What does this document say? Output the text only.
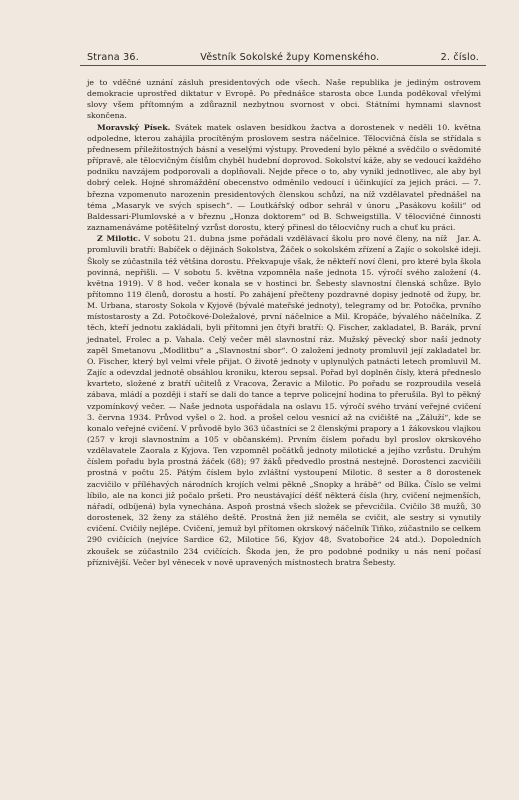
Strana 36.	Věstník Sokolské župy Komenského.	2. číslo.

je to vděčné uznání zásluh presidentových ode všech. Naše republika je jediným ostrovem demokracie uprostřed diktatur v Evropě. Po přednášce starosta obce Lunda poděkoval vřelými slovy všem přítomným a zdůraznil nezbytnou svornost v obci. Státními hymnami slavnost skončena.

Moravský Písek. Svátek matek oslaven besídkou žactva a dorostenek v neděli 10. května odpoledne, kterou zahájila procítěným proslovem sestra náčelnice. Tělocvičná čísla se střídala s přednesem příležitostných básní a veselými výstupy. Provedení bylo pěkné a svědčilo o svědomité přípravě, ale tělocvičným číslům chyběl hudební doprovod. Sokolství káže, aby se vedoucí každého podniku navzájem podporovali a doplňovali. Nejde přece o to, aby vynikl jednotlivec, ale aby byl dobrý celek. Hojné shromáždění obecenstvo odměnilo vedoucí i účinkující za jejich práci. — 7. března vzpomenuto narozenin presidentových členskou schůzí, na níž vzdělavatel přednášel na téma „Masaryk ve svých spisech“. — Loutkářský odbor sehrál v únoru „Pasákovu košili“ od Baldessari-Plumlovské a v březnu „Honza doktorem“ od B. Schweigstilla. V tělocvičné činnosti zaznamenáváme potěšitelný vzrůst dorostu, který přinesl do tělocvičny ruch a chuť ku práci.
Jar. A.

Z Milotic. V sobotu 21. dubna jsme pořádali vzdělávací školu pro nové členy, na níž promluvili bratří: Babíček o dějinách Sokolstva, Žáček o sokolském zřízení a Zajíc o sokolské ideji. Školy se zúčastnila též většina dorostu. Překvapuje však, že někteří noví členi, pro které byla škola povinná, nepřišli. — V sobotu 5. května vzpomněla naše jednota 15. výročí svého založení (4. května 1919). V 8 hod. večer konala se v hostinci br. Šebesty slavnostní členská schůze. Bylo přítomno 119 členů, dorostu a hostí. Po zahájení přečteny pozdravné dopisy jednotě od župy, br. M. Urbana, starosty Sokola v Kyjově (bývalé mateřské jednoty), telegramy od br. Potočka, prvního místostarosty a Zd. Potočkové-Doležalové, první náčelnice a Mil. Kropáče, bývalého náčelníka. Z těch, kteří jednotu zakládali, byli přítomni jen čtyři bratří: Q. Fischer, zakladatel, B. Barák, první jednatel, Frolec a p. Vahala. Celý večer měl slavnostní ráz. Mužský pěvecký sbor naší jednoty zapěl Smetanovu „Modlitbu“ a „Slavnostní sbor“. O založení jednoty promluvil její zakladatel br. O. Fischer, který byl velmi vřele přijat. O životě jednoty v uplynulých patnácti letech promluvil M. Zajíc a odevzdal jednotě obsáhlou kroniku, kterou sepsal. Pořad byl doplněn čísly, která předneslo kvarteto, složené z bratří učitelů z Vracova, Žeravic a Milotic. Po pořadu se rozproudila veselá zábava, mládí a později i staří se dali do tance a teprve policejní hodina to přerušila. Byl to pěkný vzpomínkový večer. — Naše jednota uspořádala na oslavu 15. výročí svého trvání veřejné cvičení 3. června 1934. Průvod vyšel o 2. hod. a prošel celou vesnicí až na cvičiště na „Záluží“, kde se konalo veřejné cvičení. V průvodě bylo 363 účastníci se 2 členskými prapory a 1 žákovskou vlajkou (257 v kroji slavnostním a 105 v občanském). Prvním číslem pořadu byl proslov okrskového vzdělavatele Zaorala z Kyjova. Ten vzpomněl počátků jednoty milotické a jejího vzrůstu. Druhým číslem pořadu byla prostná žáček (68); 97 žáků předvedlo prostná nestejně. Dorostenci zacvičili prostná v počtu 25. Pátým číslem bylo zvláštní vystoupení Milotic. 8 sester a 8 dorostenek zacvičilo v příléhavých národních krojích velmi pěkně „Snopky a hrábě“ od Bílka. Číslo se velmi líbilo, ale na konci již počalo pršeti. Pro neustávající déšť některá čísla (hry, cvičení nejmenších, nářadí, odbíjená) byla vynechána. Aspoň prostná všech složek se převcičila. Cvičilo 38 mužů, 30 dorostenek, 32 ženy za stálého deště. Prostná žen již neměla se cvičit, ale sestry si vynutily cvičení. Cvičily nejlépe. Cvičení, jemuž byl přítomen okrskový náčelník Tiňko, zúčastnilo se celkem 290 cvičících (nejvíce Sardice 62, Milotice 56, Kyjov 48, Svatobořice 24 atd.). Dopoledních zkoušek se zúčastnilo 234 cvičících. Škoda jen, že pro podobné podniky u nás není počasí příznivější. Večer byl věnecek v nově upravených místnostech bratra Šebesty.
